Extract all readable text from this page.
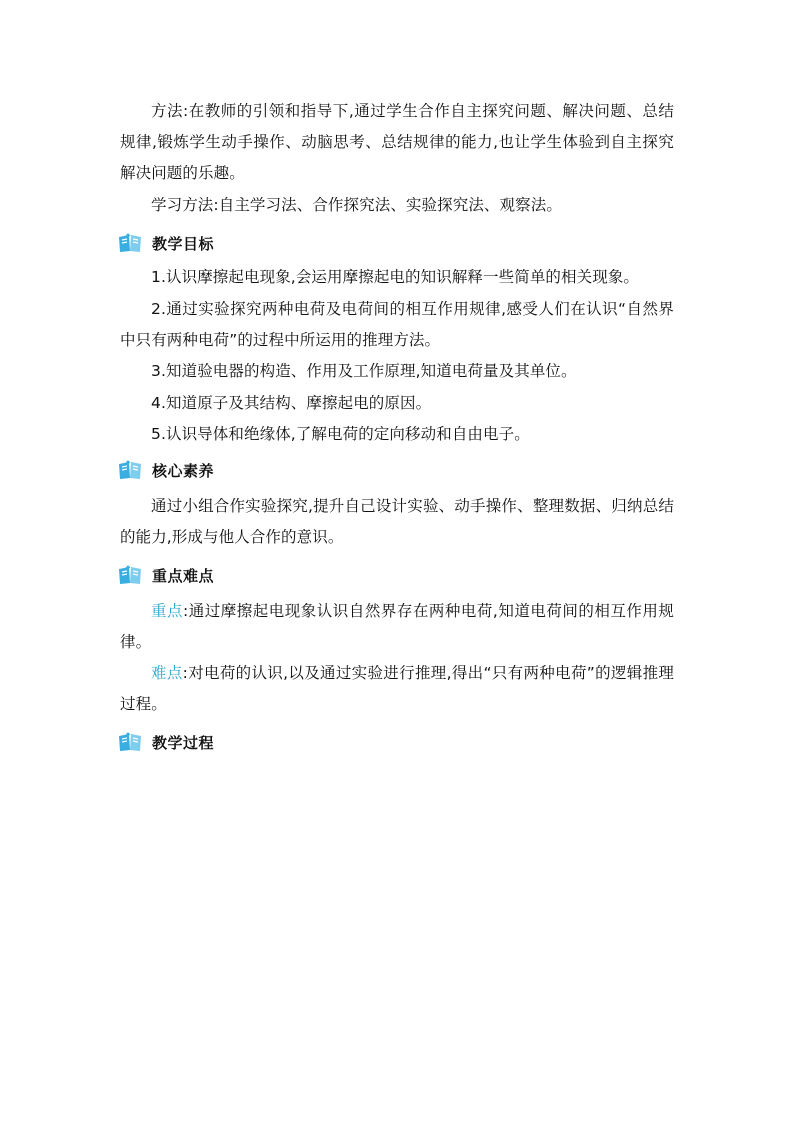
方法:在教师的引领和指导下,通过学生合作自主探究问题、解决问题、总结规律,锻炼学生动手操作、动脑思考、总结规律的能力,也让学生体验到自主探究解决问题的乐趣。

学习方法:自主学习法、合作探究法、实验探究法、观察法。

教学目标

1.认识摩擦起电现象,会运用摩擦起电的知识解释一些简单的相关现象。

2.通过实验探究两种电荷及电荷间的相互作用规律,感受人们在认识“自然界中只有两种电荷”的过程中所运用的推理方法。

3.知道验电器的构造、作用及工作原理,知道电荷量及其单位。

4.知道原子及其结构、摩擦起电的原因。

5.认识导体和绝缘体,了解电荷的定向移动和自由电子。

核心素养

通过小组合作实验探究,提升自己设计实验、动手操作、整理数据、归纳总结的能力,形成与他人合作的意识。

重点难点

重点:通过摩擦起电现象认识自然界存在两种电荷,知道电荷间的相互作用规律。

难点:对电荷的认识,以及通过实验进行推理,得出“只有两种电荷”的逻辑推理过程。

教学过程
